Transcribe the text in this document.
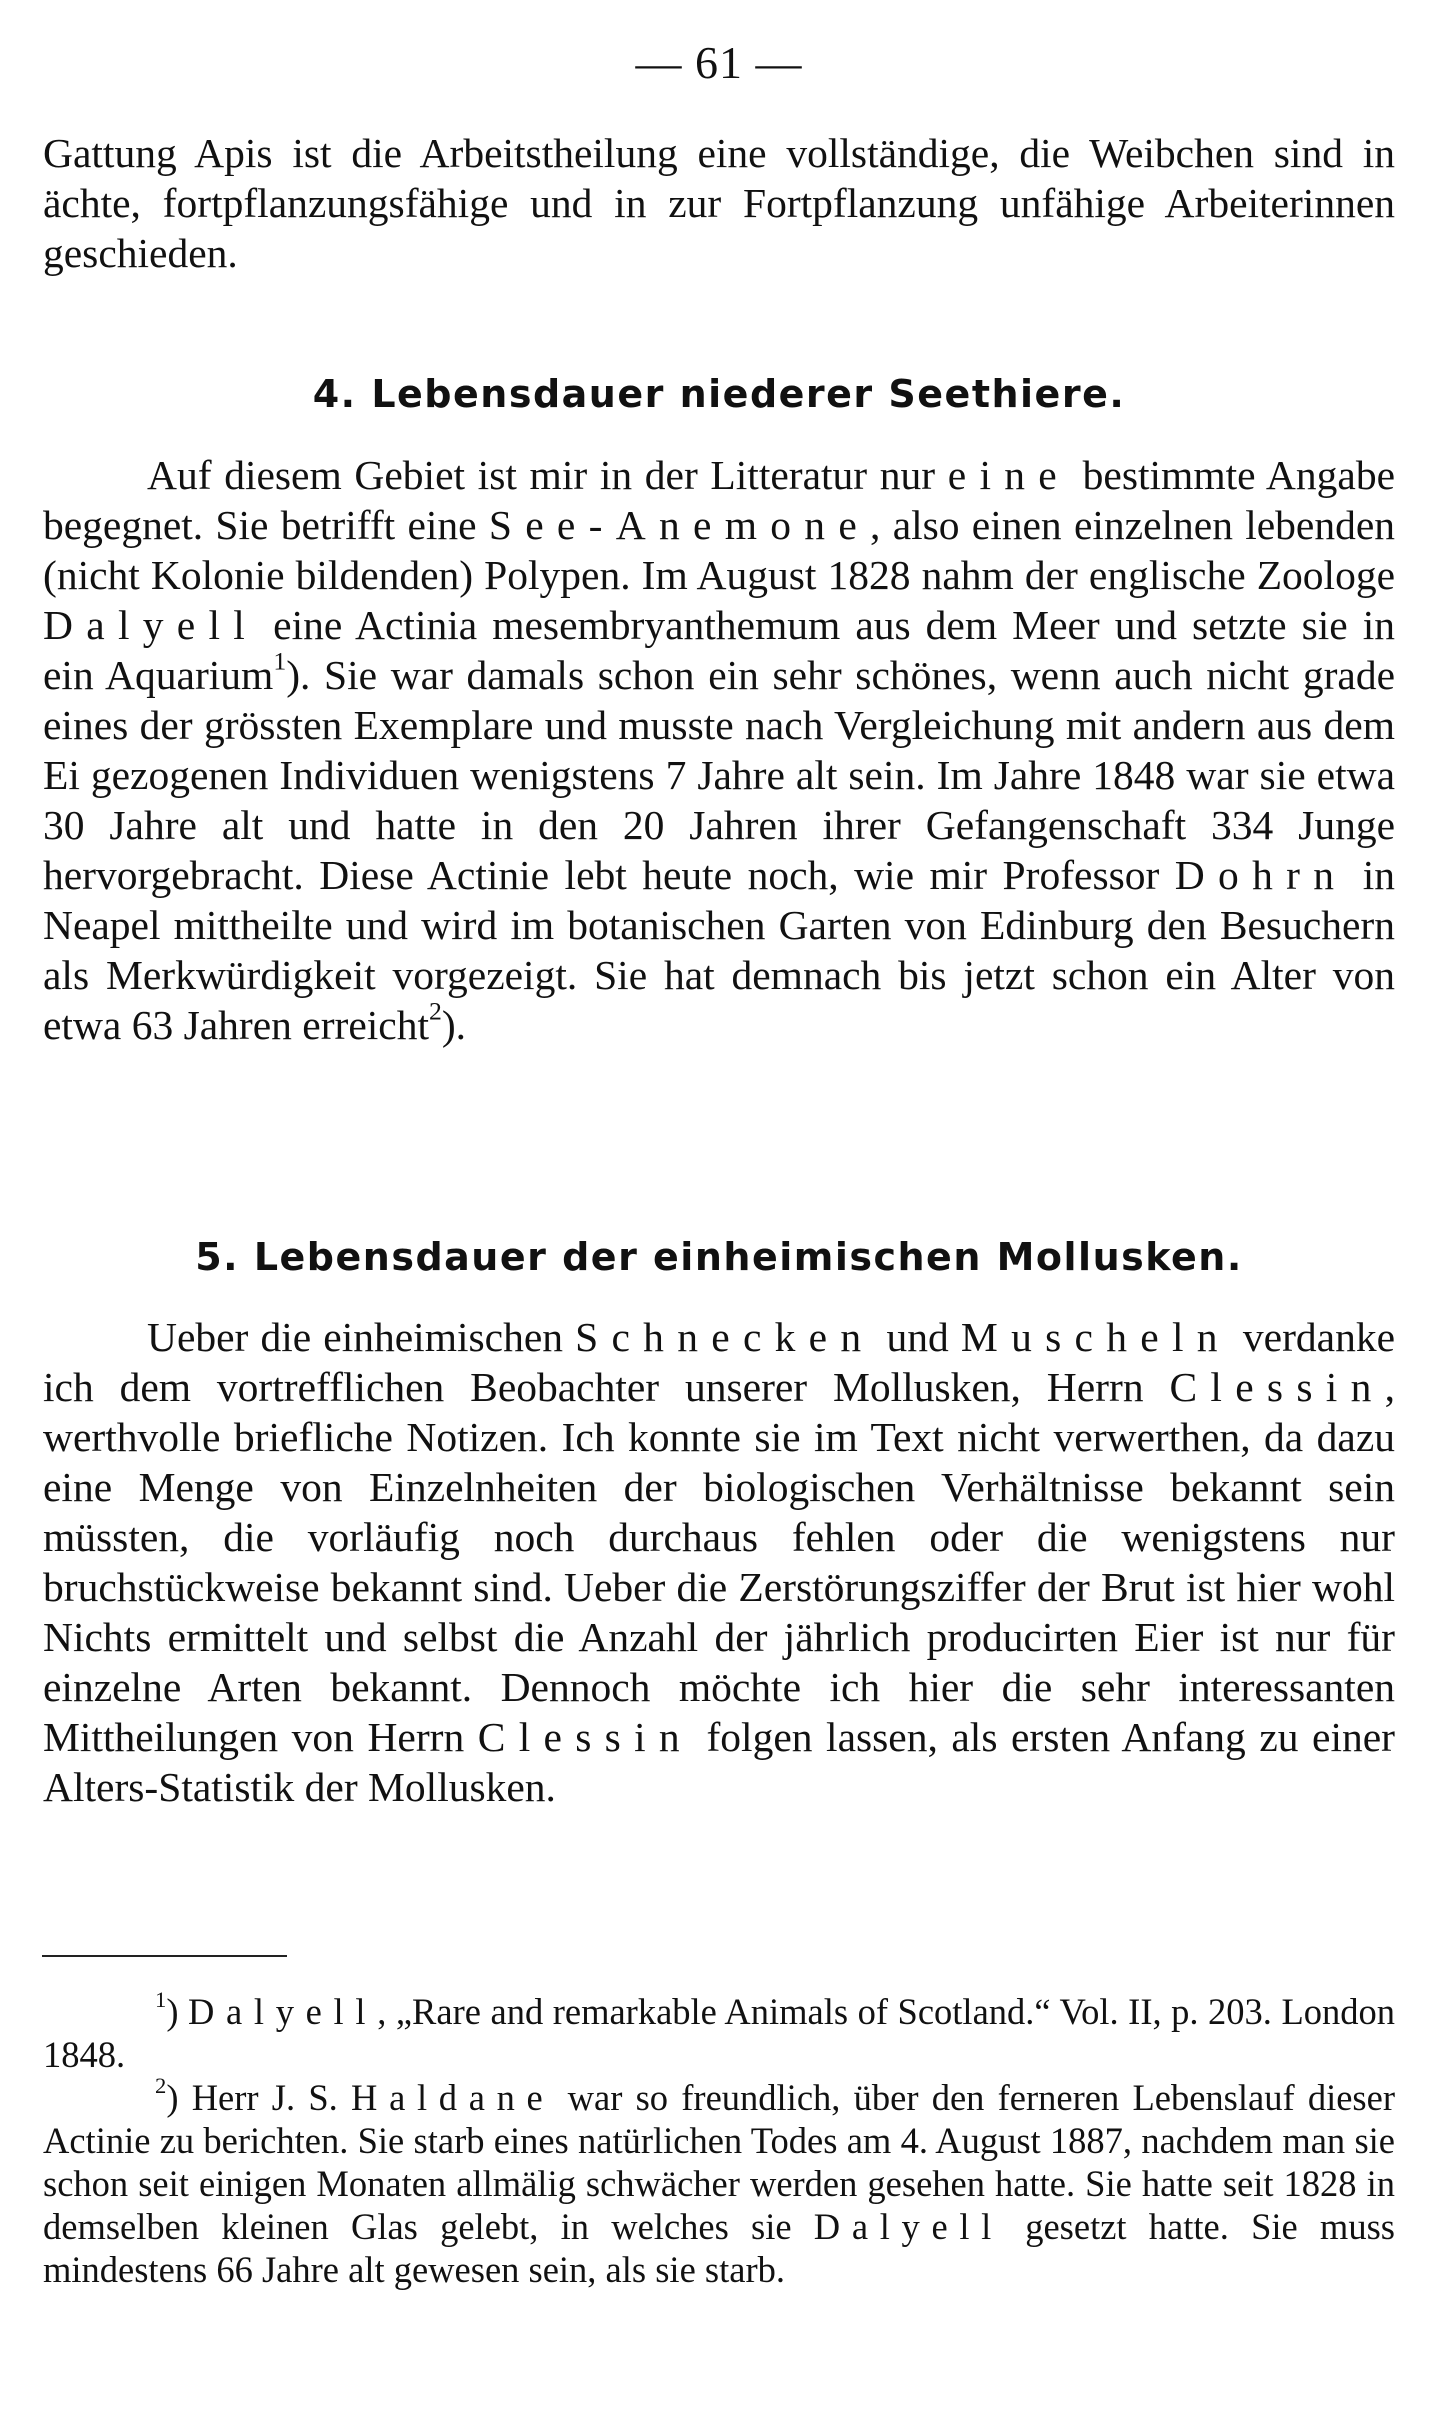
— 61 —

Gattung Apis ist die Arbeitstheilung eine vollständige, die Weibchen sind in ächte, fortpflanzungsfähige und in zur Fortpflanzung unfähige Arbeiterinnen geschieden.

4. Lebensdauer niederer Seethiere.

Auf diesem Gebiet ist mir in der Litteratur nur eine bestimmte Angabe begegnet. Sie betrifft eine See-Anemone, also einen einzelnen lebenden (nicht Kolonie bildenden) Polypen. Im August 1828 nahm der englische Zoologe Dalyell eine Actinia mesembryanthemum aus dem Meer und setzte sie in ein Aquarium$^1$). Sie war damals schon ein sehr schönes, wenn auch nicht grade eines der grössten Exemplare und musste nach Vergleichung mit andern aus dem Ei gezogenen Individuen wenigstens 7 Jahre alt sein. Im Jahre 1848 war sie etwa 30 Jahre alt und hatte in den 20 Jahren ihrer Gefangenschaft 334 Junge hervorgebracht. Diese Actinie lebt heute noch, wie mir Professor Dohrn in Neapel mittheilte und wird im botanischen Garten von Edinburg den Besuchern als Merkwürdigkeit vorgezeigt. Sie hat demnach bis jetzt schon ein Alter von etwa 63 Jahren erreicht$^2$).

5. Lebensdauer der einheimischen Mollusken.

Ueber die einheimischen Schnecken und Muscheln verdanke ich dem vortrefflichen Beobachter unserer Mollusken, Herrn Clessin, werthvolle briefliche Notizen. Ich konnte sie im Text nicht verwerthen, da dazu eine Menge von Einzelnheiten der biologischen Verhältnisse bekannt sein müssten, die vorläufig noch durchaus fehlen oder die wenigstens nur bruchstückweise bekannt sind. Ueber die Zerstörungsziffer der Brut ist hier wohl Nichts ermittelt und selbst die Anzahl der jährlich producirten Eier ist nur für einzelne Arten bekannt. Dennoch möchte ich hier die sehr interessanten Mittheilungen von Herrn Clessin folgen lassen, als ersten Anfang zu einer Alters-Statistik der Mollusken.

$^1$) Dalyell, „Rare and remarkable Animals of Scotland.“ Vol. II, p. 203. London 1848.

$^2$) Herr J. S. Haldane war so freundlich, über den ferneren Lebenslauf dieser Actinie zu berichten. Sie starb eines natürlichen Todes am 4. August 1887, nachdem man sie schon seit einigen Monaten allmälig schwächer werden gesehen hatte. Sie hatte seit 1828 in demselben kleinen Glas gelebt, in welches sie Dalyell gesetzt hatte. Sie muss mindestens 66 Jahre alt gewesen sein, als sie starb.
